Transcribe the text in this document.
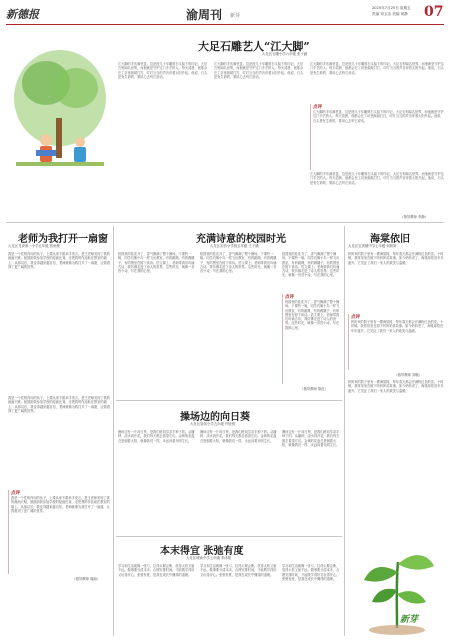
新德报	渝周刊 新芽
2025年7月25日 星期五
责编 刘玉洁 美编 何静 07
大足石雕艺人“江大脚”
大足区石雕小学六年级 张子涵
江大脚的手布满老茧，这是他几十年雕刻石头留下的印记。大足石刻闻名世界，而他就是守护这门手艺的人。每天清晨，他都会在工坊里敲敲打打，叮叮当当的声音伴着太阳升起。他说，石头是有生命的，要用心去听它说话。
江大脚的手布满老茧，这是他几十年雕刻石头留下的印记。大足石刻闻名世界，而他就是守护这门手艺的人。每天清晨，他都会在工坊里敲敲打打，叮叮当当的声音伴着太阳升起。他说，石头是有生命的，要用心去听它说话。
江大脚的手布满老茧，这是他几十年雕刻石头留下的印记。大足石刻闻名世界，而他就是守护这门手艺的人。每天清晨，他都会在工坊里敲敲打打，叮叮当当的声音伴着太阳升起。他说，石头是有生命的，要用心去听它说话。
点评
江大脚的手布满老茧，这是他几十年雕刻石头留下的印记。大足石刻闻名世界，而他就是守护这门手艺的人。每天清晨，他都会在工坊里敲敲打打，叮叮当当的声音伴着太阳升起。他说，石头是有生命的，要用心去听它说话。
江大脚的手布满老茧，这是他几十年雕刻石头留下的印记。大足石刻闻名世界，而他就是守护这门手艺的人。每天清晨，他都会在工坊里敲敲打打，叮叮当当的声音伴着太阳升起。他说，石头是有生命的，要用心去听它说话。
（指导教师 李静）
老师为我打开一扇窗
大足区龙岗第一小学五年级 张雨萱
我是一个性格内向的孩子，上课从来不敢举手发言。是王老师发现了我的画画天赋，她鼓励我参加学校的绘画比赛，还把我的作品贴在教室的墙上。从那以后，我变得越来越自信，老师就像为我打开了一扇窗，让我看到了更广阔的世界。
我是一个性格内向的孩子，上课从来不敢举手发言。是王老师发现了我的画画天赋，她鼓励我参加学校的绘画比赛，还把我的作品贴在教室的墙上。从那以后，我变得越来越自信，老师就像为我打开了一扇窗，让我看到了更广阔的世界。
点评
我是一个性格内向的孩子，上课从来不敢举手发言。是王老师发现了我的画画天赋，她鼓励我参加学校的绘画比赛，还把我的作品贴在教室的墙上。从那以后，我变得越来越自信，老师就像为我打开了一扇窗，让我看到了更广阔的世界。
（指导教师 周丽）
充满诗意的校园时光
大足区实验小学校五年级 王子涵
校园里的桂花开了，香气飘满了整个操场。下课铃一响，同学们像小鸟一样飞出教室，有的跳绳，有的踢毽子，有的围坐在树下读诗。语文课上，老师带我们吟诵古诗，我仿佛走进了诗人的世界。这些时光，就像一首首小诗，写在我的心里。
校园里的桂花开了，香气飘满了整个操场。下课铃一响，同学们像小鸟一样飞出教室，有的跳绳，有的踢毽子，有的围坐在树下读诗。语文课上，老师带我们吟诵古诗，我仿佛走进了诗人的世界。这些时光，就像一首首小诗，写在我的心里。
校园里的桂花开了，香气飘满了整个操场。下课铃一响，同学们像小鸟一样飞出教室，有的跳绳，有的踢毽子，有的围坐在树下读诗。语文课上，老师带我们吟诵古诗，我仿佛走进了诗人的世界。这些时光，就像一首首小诗，写在我的心里。
点评
校园里的桂花开了，香气飘满了整个操场。下课铃一响，同学们像小鸟一样飞出教室，有的跳绳，有的踢毽子，有的围坐在树下读诗。语文课上，老师带我们吟诵古诗，我仿佛走进了诗人的世界。这些时光，就像一首首小诗，写在我的心里。
（指导教师 陈红）
海棠依旧
大足区宝顶镇中学七年级 何欣妍
奶奶家的院子里有一棵海棠树，每年春天都会开满粉红色的花。小时候，我常常坐在树下听奶奶讲故事。如今奶奶老了，海棠却依旧年年盛开，它见证了我们一家人的欢笑与温暖。
点评
奶奶家的院子里有一棵海棠树，每年春天都会开满粉红色的花。小时候，我常常坐在树下听奶奶讲故事。如今奶奶老了，海棠却依旧年年盛开，它见证了我们一家人的欢笑与温暖。
（指导教师 刘敏）
奶奶家的院子里有一棵海棠树，每年春天都会开满粉红色的花。小时候，我常常坐在树下听奶奶讲故事。如今奶奶老了，海棠却依旧年年盛开，它见证了我们一家人的欢笑与温暖。
操场边的向日葵
大足区智凤小学五年级 许欣悦
操场边有一片向日葵，是我们班同学亲手种下的。从播种、浇水到开花，我们每天都去看望它们。金黄的花盘总是朝着太阳，就像我们一样，永远向着光明生长。
操场边有一片向日葵，是我们班同学亲手种下的。从播种、浇水到开花，我们每天都去看望它们。金黄的花盘总是朝着太阳，就像我们一样，永远向着光明生长。
操场边有一片向日葵，是我们班同学亲手种下的。从播种、浇水到开花，我们每天都去看望它们。金黄的花盘总是朝着太阳，就像我们一样，永远向着光明生长。
本末得宜 张弛有度
大足区城南中学七年级 李沐阳
学习和生活就像一张弓，拉得太紧会断，放得太松又射不远。做事要分清本末，合理安排时间，才能既学得好又玩得开心。张弛有度，是我在成长中懂得的道理。
学习和生活就像一张弓，拉得太紧会断，放得太松又射不远。做事要分清本末，合理安排时间，才能既学得好又玩得开心。张弛有度，是我在成长中懂得的道理。
学习和生活就像一张弓，拉得太紧会断，放得太松又射不远。做事要分清本末，合理安排时间，才能既学得好又玩得开心。张弛有度，是我在成长中懂得的道理。
新芽
